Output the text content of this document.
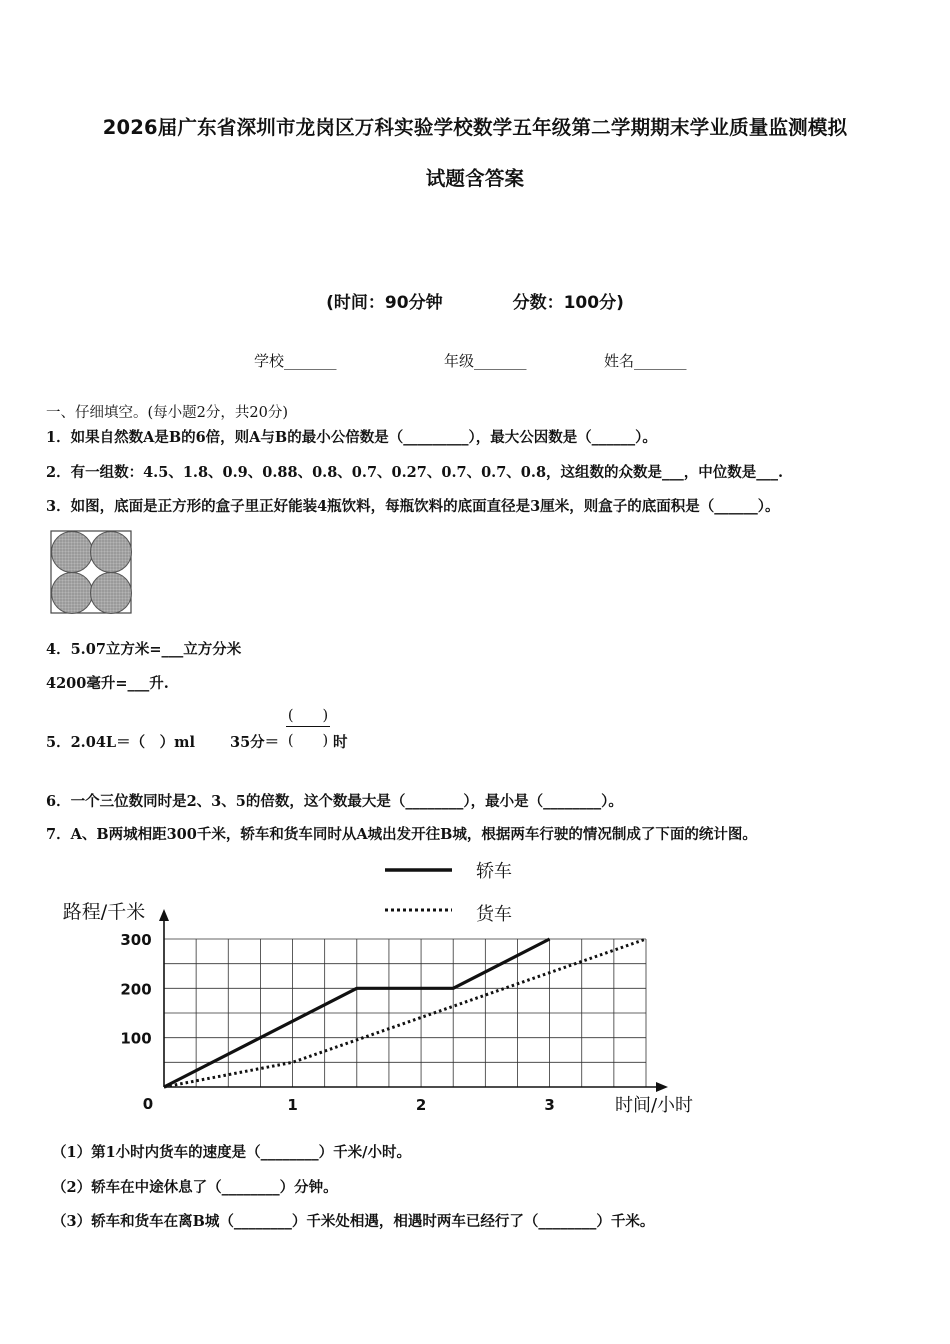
2026届广东省深圳市龙岗区万科实验学校数学五年级第二学期期末学业质量监测模拟
试题含答案
(时间：90分钟	分数：100分)
学校_______	年级_______	姓名_______
一、仔细填空。(每小题2分，共20分)
1．如果自然数A是B的6倍，则A与B的最小公倍数是（_________），最大公因数是（______）。
2．有一组数：4.5、1.8、0.9、0.88、0.8、0.7、0.27、0.7、0.7、0.8，这组数的众数是___，中位数是___.
3．如图，底面是正方形的盒子里正好能装4瓶饮料，每瓶饮料的底面直径是3厘米，则盒子的底面积是（______）。
4．5.07立方米=___立方分米
4200毫升=___升.
5．2.04L＝（　）ml 35分＝
(　　)
(　　) 时
6．一个三位数同时是2、3、5的倍数，这个数最大是（________），最小是（________）。
7．A、B两城相距300千米，轿车和货车同时从A城出发开往B城，根据两车行驶的情况制成了下面的统计图。
路程/千米
时间/小时
0
100
200
300
1	2	3
轿车
货车
（1）第1小时内货车的速度是（________）千米/小时。
（2）轿车在中途休息了（________）分钟。
（3）轿车和货车在离B城（________）千米处相遇，相遇时两车已经行了（________）千米。
